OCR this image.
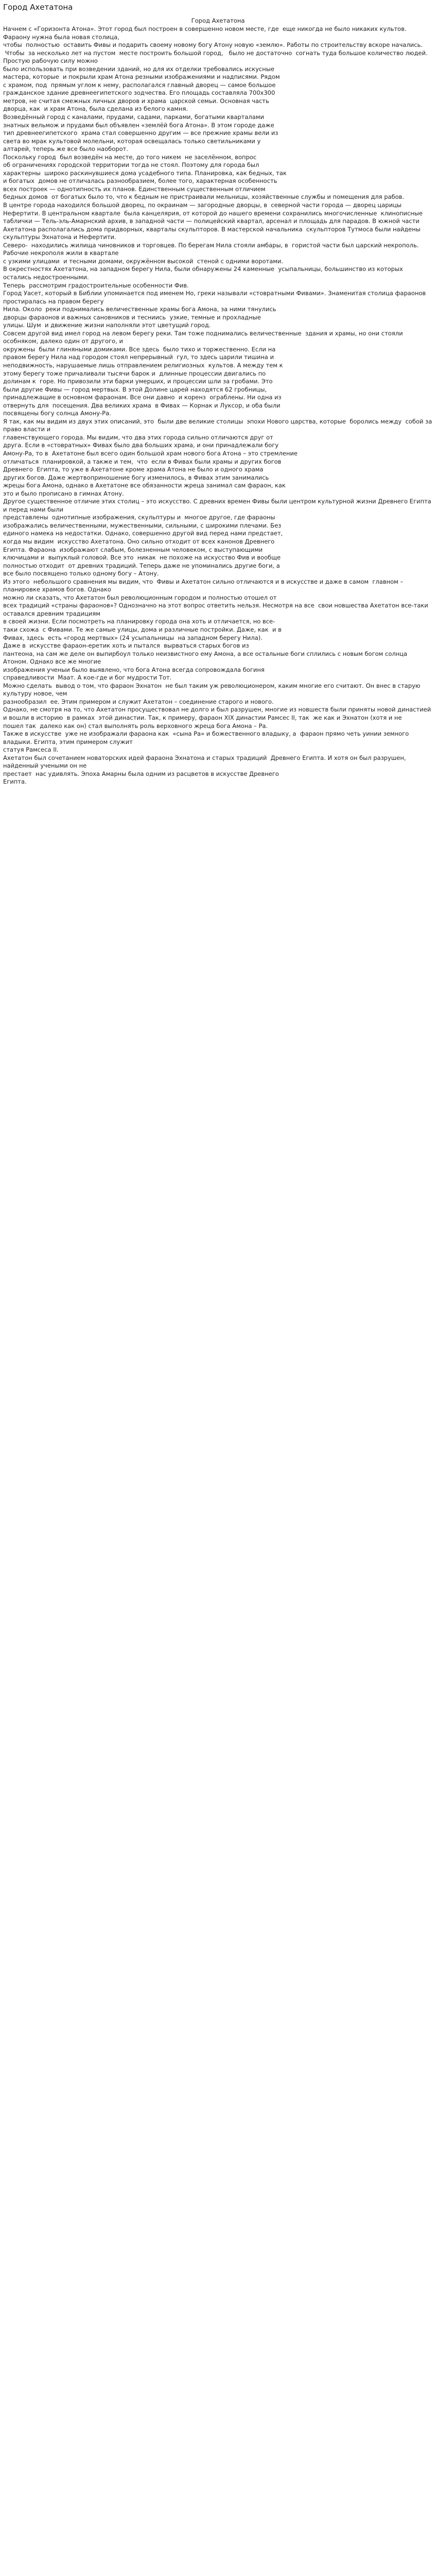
Город Ахетатона

Город Ахетатона

Начнем с «Горизонта Атона». Этот город был построен в совершенно новом месте, где  еще никогда не было никаких культов. Фараону нужна была новая столица,

чтобы  полностью  оставить Фивы и подарить своему новому богу Атону новую «землю». Работы по строительству вскоре начались.

Чтобы  за несколько лет на пустом  месте построить большой город,   было не достаточно  согнать туда большое количество людей. Простую рабочую силу можно

было использовать при возведении зданий, но для их отделки требовались искусные

мастера, которые  и покрыли храм Атона резными изображениями и надписями. Рядом

с храмом, под  прямым углом к нему, располагался главный дворец — самое большое

гражданское здание древнеегипетского зодчества. Его площадь составляла 700x300

метров, не считая смежных личных дворов и храма  царской семьи. Основная часть

дворца, как  и храм Атона, была сделана из белого камня.

Возведённый город с каналами, прудами, садами, парками, богатыми кварталами

знатных вельмож и прудами был объявлен «землёй бога Атона». В этом городе даже

тип древнеегипетского  храма стал совершенно другим — все прежние храмы вели из

света во мрак культовой молельни, которая освещалась только светильниками у

алтарей, теперь же все было наоборот.

Поскольку город  был возведён на месте, до того никем  не заселённом, вопрос

об ограничениях городской территории тогда не стоял. Поэтому для города был

характерны  широко раскинувшиеся дома усадебного типа. Планировка, как бедных, так

и богатых  домов не отличалась разнообразием, более того, характерная особенность

всех построек — однотипность их планов. Единственным существенным отличием

бедных домов  от богатых было то, что к бедным не пристраивали мельницы, хозяйственные службы и помещения для рабов.

В центре города находился большой дворец, по окраинам — загородные дворцы, в  северной части города — дворец царицы Нефертити. В центральном квартале  была канцелярия, от которой до нашего времени сохранились многочисленные  клинописные таблички — Тель-эль-Амарнский архив, в западной части — полицейский квартал, арсенал и площадь для парадов. В южной части

Ахетатона располагались дома придворных, кварталы скульпторов. В мастерской начальника  скульпторов Тутмоса были найдены  скульптуры Эхнатона и Нефертити.

Северо-  находились жилища чиновников и торговцев. По берегам Нила стояли амбары, в  гористой части был царский некрополь. Рабочие некрополя жили в квартале

с узкими улицами  и тесными домами, окружённом высокой  стеной с одними воротами.

В окрестностях Ахетатона, на западном берегу Нила, были обнаружены 24 каменные  усыпальницы, большинство из которых  остались недостроенными.

Теперь  рассмотрим градостроительные особенности Фив.

Город Уасет, который в Библии упоминается под именем Но, греки называли «стовратными Фивами». Знаменитая столица фараонов простиралась на правом берегу

Нила. Около  реки поднимались величественные храмы бога Амона, за ними тянулись

дворцы фараонов и важных сановников и тесниись  узкие, темные и прохладные

улицы. Шум  и движение жизни наполняли этот цветущий город.

Совсем другой вид имел город на левом берегу реки. Там тоже поднимались величественные  здания и храмы, но они стояли особняком, далеко один от другого, и

окружены  были глиняными домиками. Все здесь  было тихо и торжественно. Если на

правом берегу Нила над городом стоял непрерывный  гул, то здесь царили тишина и

неподвижность, нарушаемые лишь отправлением религиозных  культов. А между тем к

этому берегу тоже причаливали тысячи барок и  длинные процессии двигались по

долинам к  горе. Но привозили эти барки умерших, и процессии шли за гробами. Это

были другие Фивы — город мертвых. В этой Долине царей находятся 62 гробницы,

принадлежащие в основном фараонам. Все они давно  и коренз  ограблены. Ни одна из

отвернуть для  посещения. Два великих храма  в Фивах — Корнак и Луксор, и оба были

посвящены богу солнца Амону-Ра.

Я так, как мы видим из двух этих описаний, это  были две великие столицы  эпохи Нового царства, которые  боролись между  собой за право власти и

главенствующего города. Мы видим, что два этих города сильно отличаются друг от

друга. Если в «стовратных» Фивах было два больших храма, и они принадлежали богу

Амону-Ра, то в  Ахетатоне был всего один большой храм нового бога Атона – это стремление

отличаться  планировкой, а также и тем,  что  если в Фивах были храмы и других богов

Древнего  Египта, то уже в Ахетатоне кроме храма Атона не было и одного храма

других богов. Даже жертвоприношение богу изменилось, в Фивах этим занимались

жрецы бога Амона, однако в Ахетатоне все обязанности жреца занимал сам фараон, как

это и было прописано в гимнах Атону.

Другое существенное отличие этих столиц – это искусство. С древних времен Фивы были центром культурной жизни Древнего Египта и перед нами были

представлены  однотипные изображения, скульптуры и  многое другое, где фараоны

изображались величественными, мужественными, сильными, с широкими плечами. Без

единого намека на недостатки. Однако, совершенно другой вид перед нами предстает,

когда мы видим  искусство Ахетатона. Оно сильно отходит от всех канонов Древнего

Египта. Фараона  изображают слабым, болезненным человеком, с выступающими

ключицами и  выпуклый головой. Все это  никак  не похоже на искусство Фив и вообще

полностью отходит  от древних традиций. Теперь даже не упоминались другие боги, а

все было посвящено только одному богу – Атону.

Из этого  небольшого сравнения мы видим, что  Фивы и Ахетатон сильно отличаются и в искусстве и даже в самом  главном – планировке храмов богов. Однако

можно ли сказать, что Ахетатон был революционным городом и полностью отошел от

всех традиций «страны фараонов»? Однозначно на этот вопрос ответить нельзя. Несмотря на все  свои новшества Ахетатон все-таки оставался древним традициям

в своей жизни. Если посмотреть на планировку города она хоть и отличается, но все-

таки схожа  с Фивами. Те же самые улицы, дома и различные постройки. Даже, как  и в

Фивах, здесь  есть «город мертвых» (24 усыпальницы  на западном берегу Нила).

Даже в  искусстве фараон-еретик хоть и пытался  вырваться старых богов из

пантеона, на сам же деле он выпирбоул только неизвистного ему Амона, а все остальные боги сплились с новым богом солнца Атоном. Однако все же многие

изображения ученыи было выявлено, что бога Атона всегда сопровождала богиня

справедливости  Маат. А кое-где и бог мудрости Тот.

Можно сделать  вывод о том, что фараон Эхнатон  не был таким уж революционером, каким многие его считают. Он внес в старую культуру новое, чем

разнообразил  ее. Этим примером и служит Ахетатон – соединение старого и нового.

Однако, не смотря на то, что Ахетатон просуществовал не долго и был разрушен, многие из новшеств были приняты новой династией

и вошли в историю  в рамках  этой династии. Так, к примеру, фараон XIX династии Рамсес II, так  же как и Эхнатон (хотя и не

пошел так  далеко как он) стал выполнять роль верховного жреца бога Амона – Ра.

Также в искусстве  уже не изображали фараона как  «сына Ра» и божественного владыку, а  фараон прямо четь уинии земного владыки. Египта, этим примером служит

статуя Рамсеса II.

Ахетатон был сочетанием новаторских идей фараона Эхнатона и старых традиций  Древнего Египта. И хотя он был разрушен, найденный учеными он не

престает  нас удивлять. Эпоха Амарны была одним из расцветов в искусстве Древнего

Египта.
